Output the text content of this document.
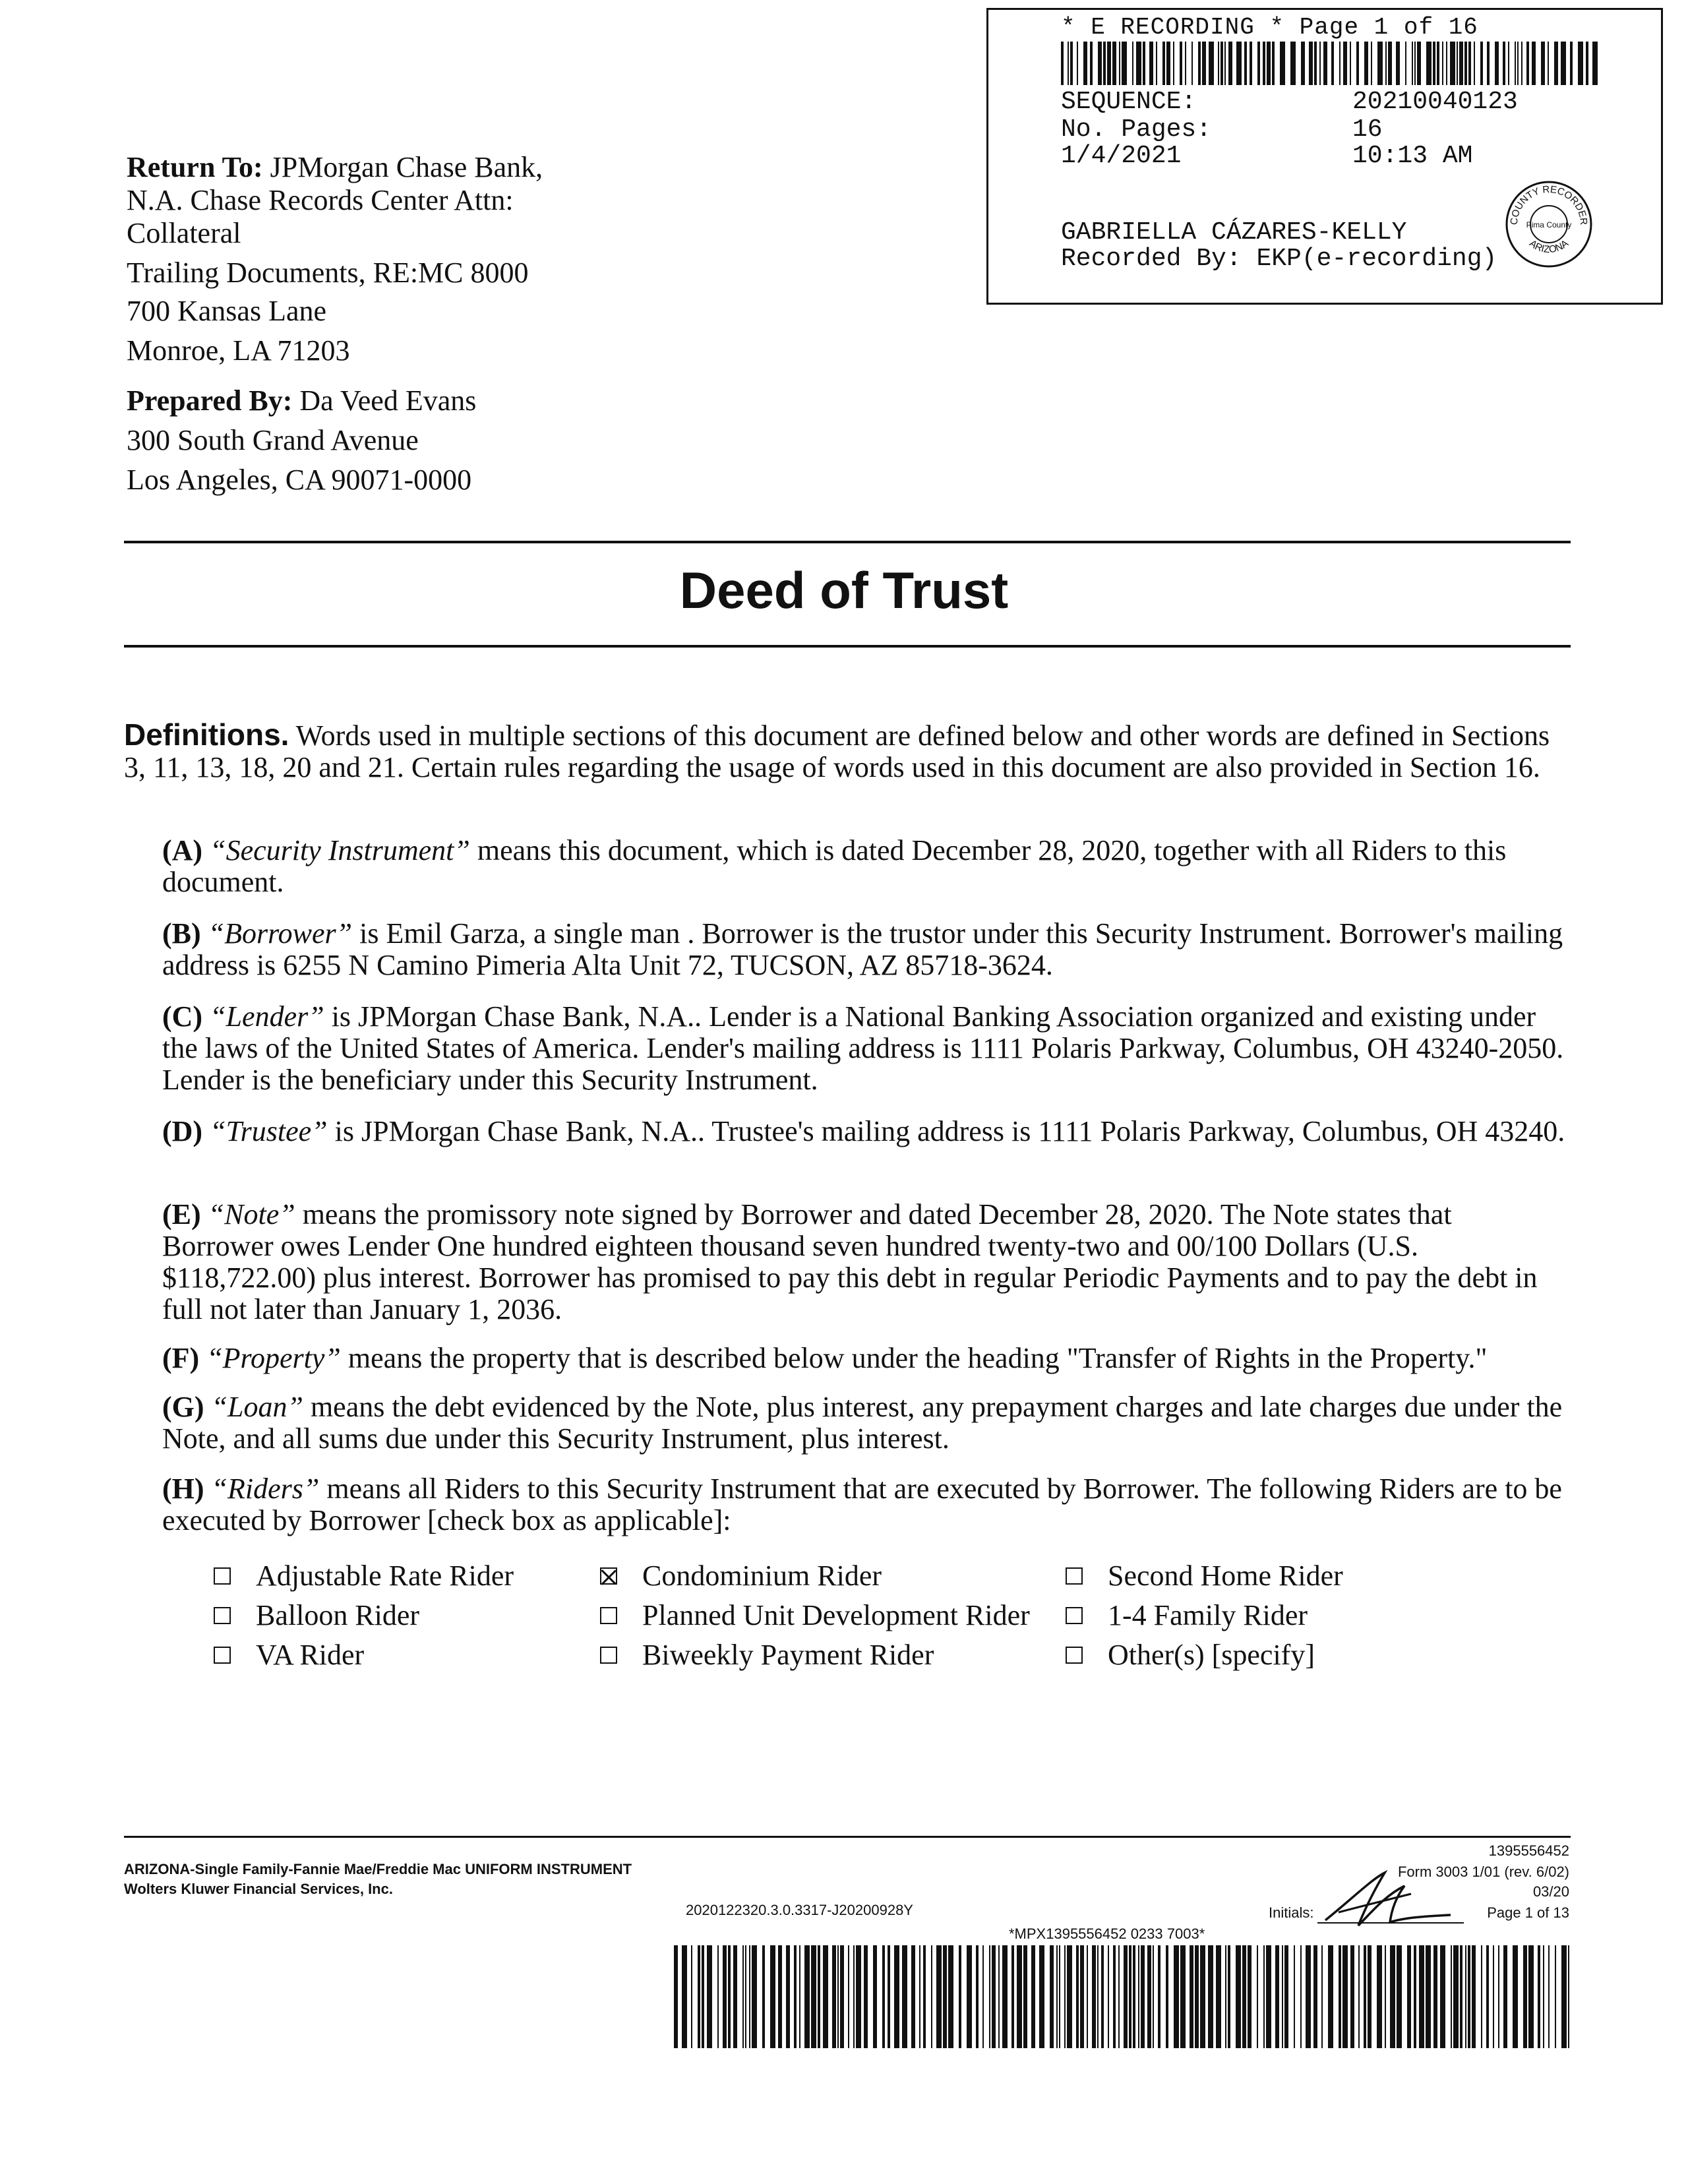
* E RECORDING * Page 1 of 16
SEQUENCE:	20210040123
No. Pages:	16
1/4/2021	10:13 AM
GABRIELLA CÁZARES-KELLY
Recorded By: EKP(e-recording)
COUNTY RECORDER
ARIZONA
Pima County
Return To: JPMorgan Chase Bank,
N.A. Chase Records Center Attn:
Collateral
Trailing Documents, RE:MC 8000
700 Kansas Lane
Monroe, LA 71203
Prepared By: Da Veed Evans
300 South Grand Avenue
Los Angeles, CA 90071-0000
Deed of Trust

Definitions. Words used in multiple sections of this document are defined below and other words are defined in Sections 3, 11, 13, 18, 20 and 21. Certain rules regarding the usage of words used in this document are also provided in Section 16.

(A) “Security Instrument” means this document, which is dated December 28, 2020, together with all Riders to this document.

(B) “Borrower” is Emil Garza, a single man . Borrower is the trustor under this Security Instrument. Borrower's mailing address is 6255 N Camino Pimeria Alta Unit 72, TUCSON, AZ 85718-3624.

(C) “Lender” is JPMorgan Chase Bank, N.A.. Lender is a National Banking Association organized and existing under the laws of the United States of America. Lender's mailing address is 1111 Polaris Parkway, Columbus, OH 43240-2050. Lender is the beneficiary under this Security Instrument.

(D) “Trustee” is JPMorgan Chase Bank, N.A.. Trustee's mailing address is 1111 Polaris Parkway, Columbus, OH 43240.

(E) “Note” means the promissory note signed by Borrower and dated December 28, 2020. The Note states that Borrower owes Lender One hundred eighteen thousand seven hundred twenty-two and 00/100 Dollars (U.S. $118,722.00) plus interest. Borrower has promised to pay this debt in regular Periodic Payments and to pay the debt in full not later than January 1, 2036.

(F) “Property” means the property that is described below under the heading "Transfer of Rights in the Property."

(G) “Loan” means the debt evidenced by the Note, plus interest, any prepayment charges and late charges due under the Note, and all sums due under this Security Instrument, plus interest.

(H) “Riders” means all Riders to this Security Instrument that are executed by Borrower. The following Riders are to be executed by Borrower [check box as applicable]:

Adjustable Rate Rider	Condominium Rider	Second Home Rider
Balloon Rider	Planned Unit Development Rider	1-4 Family Rider
VA Rider	Biweekly Payment Rider	Other(s) [specify]
ARIZONA-Single Family-Fannie Mae/Freddie Mac UNIFORM INSTRUMENT
Wolters Kluwer Financial Services, Inc.
2020122320.3.0.3317-J20200928Y
1395556452
Form 3003 1/01 (rev. 6/02)
03/20
Initials:	Page 1 of 13
*MPX1395556452 0233 7003*
